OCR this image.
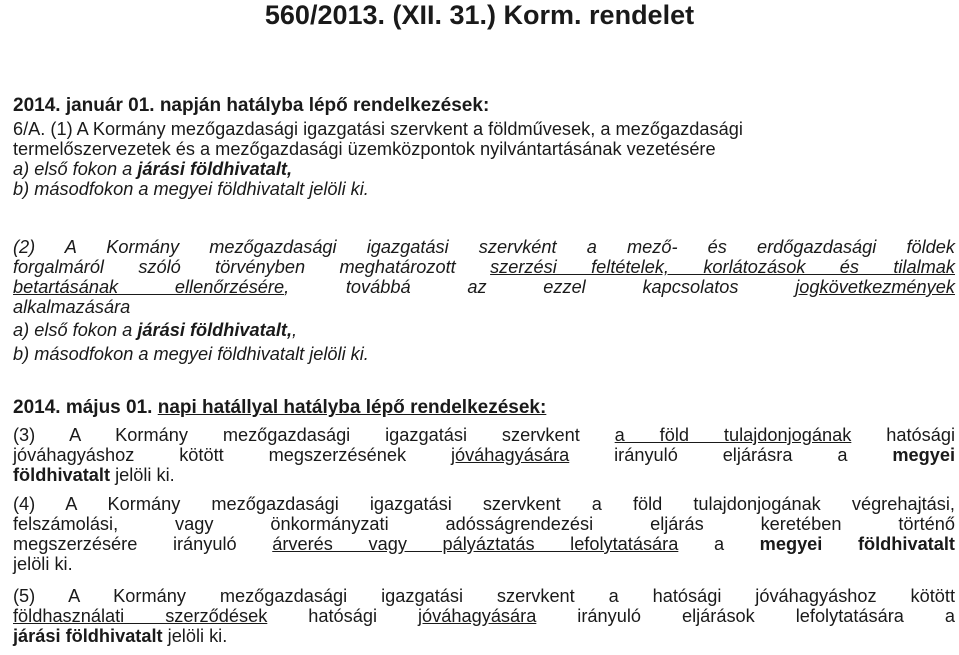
560/2013. (XII. 31.) Korm. rendelet
2014. január 01. napján hatályba lépő rendelkezések:
6/A. (1) A Kormány mezőgazdasági igazgatási szervkent a földművesek, a mezőgazdasági
termelőszervezetek és a mezőgazdasági üzemközpontok nyilvántartásának vezetésére
a) első fokon a járási földhivatalt,
b) másodfokon a megyei földhivatalt jelöli ki.
(2) A Kormány mezőgazdasági igazgatási szervként a mező- és erdőgazdasági földek
forgalmáról szóló törvényben meghatározott szerzési feltételek, korlátozások és tilalmak
betartásának ellenőrzésére, továbbá az ezzel kapcsolatos jogkövetkezmények
alkalmazására
a) első fokon a járási földhivatalt,,
b) másodfokon a megyei földhivatalt jelöli ki.
2014. május 01. napi hatállyal hatályba lépő rendelkezések:
(3) A Kormány mezőgazdasági igazgatási szervkent a föld tulajdonjogának hatósági
jóváhagyáshoz kötött megszerzésének jóváhagyására irányuló eljárásra a megyei
földhivatalt jelöli ki.
(4) A Kormány mezőgazdasági igazgatási szervkent a föld tulajdonjogának végrehajtási,
felszámolási, vagy önkormányzati adósságrendezési eljárás keretében történő
megszerzésére irányuló árverés vagy pályáztatás lefolytatására a megyei földhivatalt
jelöli ki.
(5) A Kormány mezőgazdasági igazgatási szervkent a hatósági jóváhagyáshoz kötött
földhasználati szerződések hatósági jóváhagyására irányuló eljárások lefolytatására a
járási földhivatalt jelöli ki.
